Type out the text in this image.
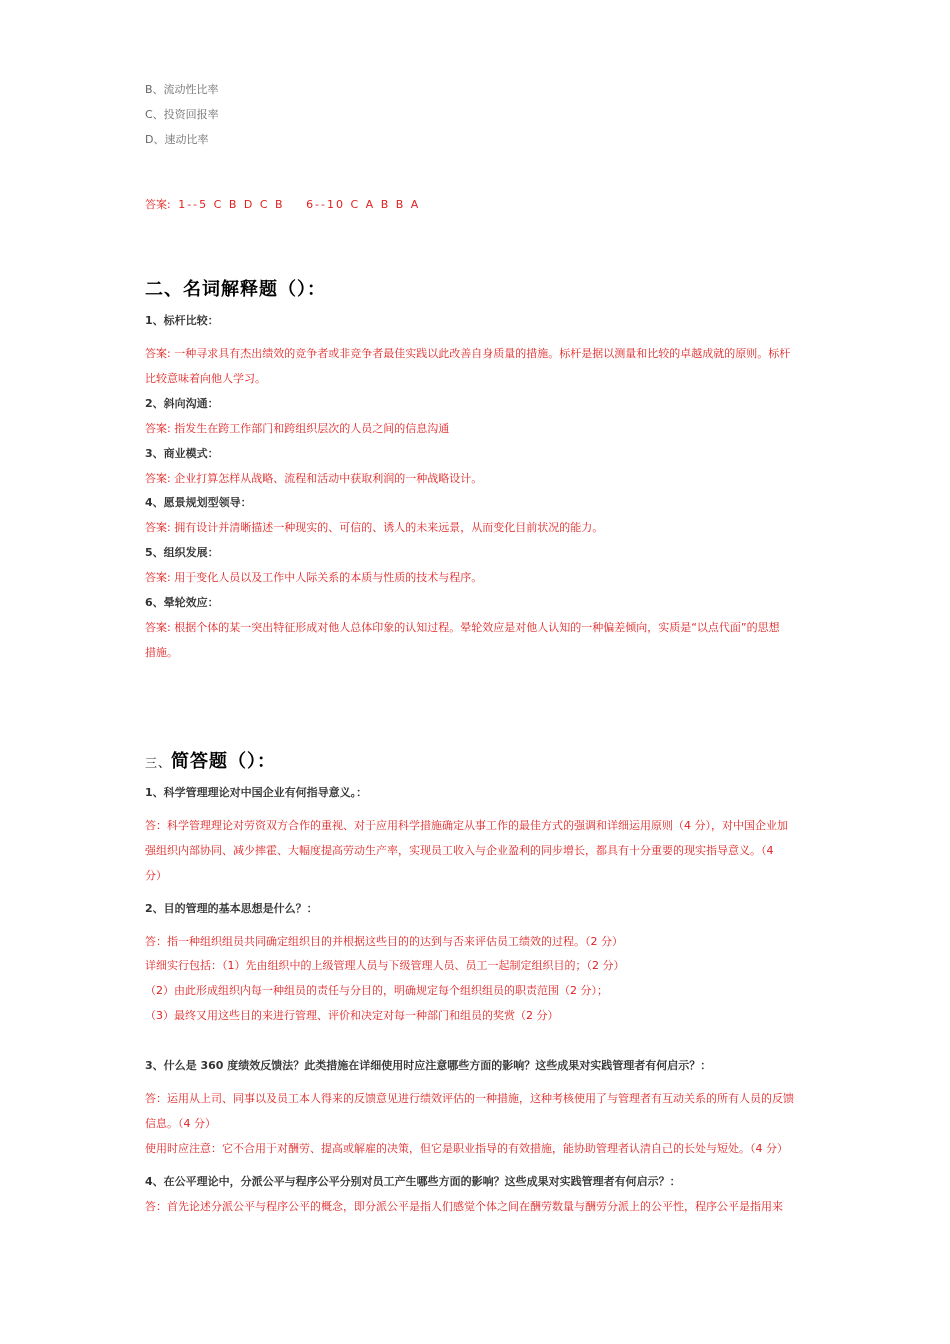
B、流动性比率

C、投资回报率

D、速动比率

答案: 1--5 C B D C B 6--10 C A B B A

二、名词解释题（）：

1、标杆比较：

答案: 一种寻求具有杰出绩效的竞争者或非竞争者最佳实践以此改善自身质量的措施。标杆是据以测量和比较的卓越成就的原则。标杆

比较意味着向他人学习。

2、斜向沟通：

答案: 指发生在跨工作部门和跨组织层次的人员之间的信息沟通

3、商业模式：

答案: 企业打算怎样从战略、流程和活动中获取利润的一种战略设计。

4、愿景规划型领导：

答案: 拥有设计并清晰描述一种现实的、可信的、诱人的未来远景，从而变化目前状况的能力。

5、组织发展：

答案: 用于变化人员以及工作中人际关系的本质与性质的技术与程序。

6、晕轮效应：

答案: 根据个体的某一突出特征形成对他人总体印象的认知过程。晕轮效应是对他人认知的一种偏差倾向，实质是“以点代面”的思想

措施。

三、简答题（）：

1、科学管理理论对中国企业有何指导意义。：

答：科学管理理论对劳资双方合作的重视、对于应用科学措施确定从事工作的最佳方式的强调和详细运用原则（4 分），对中国企业加

强组织内部协同、减少摔霍、大幅度提高劳动生产率，实现员工收入与企业盈利的同步增长，都具有十分重要的现实指导意义。（4

分）

2、目的管理的基本思想是什么？：

答：指一种组织组员共同确定组织目的并根据这些目的的达到与否来评估员工绩效的过程。（2 分）

详细实行包括：（1）先由组织中的上级管理人员与下级管理人员、员工一起制定组织目的；（2 分）

（2）由此形成组织内每一种组员的责任与分目的，明确规定每个组织组员的职责范围（2 分）；

（3）最终又用这些目的来进行管理、评价和决定对每一种部门和组员的奖赏（2 分）

3、什么是 360 度绩效反馈法？此类措施在详细使用时应注意哪些方面的影响？这些成果对实践管理者有何启示？：

答：运用从上司、同事以及员工本人得来的反馈意见进行绩效评估的一种措施，这种考核使用了与管理者有互动关系的所有人员的反馈

信息。（4 分）

使用时应注意：它不合用于对酬劳、提高或解雇的决策，但它是职业指导的有效措施，能协助管理者认清自己的长处与短处。（4 分）

4、在公平理论中，分派公平与程序公平分别对员工产生哪些方面的影响？这些成果对实践管理者有何启示？：

答：首先论述分派公平与程序公平的概念，即分派公平是指人们感觉个体之间在酬劳数量与酬劳分派上的公平性，程序公平是指用来
